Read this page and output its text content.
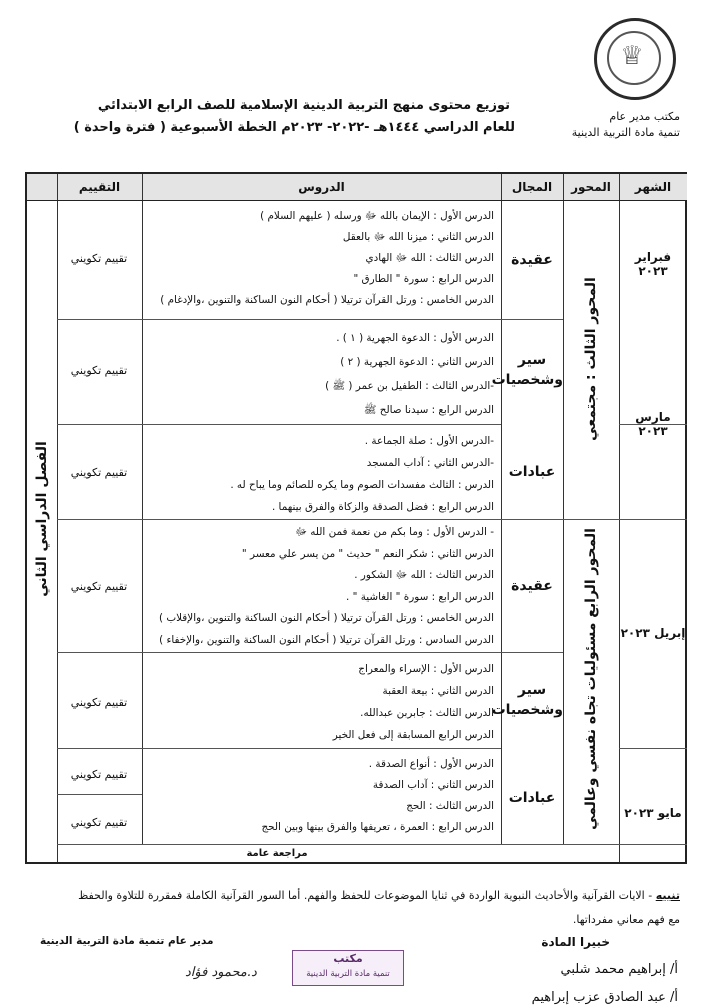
♕
مكتب مدير عام
تنمية مادة التربية الدينية
توزيع محتوى منهج التربية الدينية الإسلامية للصف الرابع الابتدائي
للعام الدراسي ١٤٤٤هـ -٢٠٢٢- ٢٠٢٣م الخطة الأسبوعية ( فترة واحدة )
الشهر
المحور
المجال
الدروس
التقييم
فبراير ٢٠٢٣
مارس ٢٠٢٣
إبريل ٢٠٢٣
مايو ٢٠٢٣
المحور الثالث : مجتمعي
المحور الرابع مسئوليات تجاه نفسي وعالمي
الفصل الدراسي الثاني
عقيدة
سير
وشخصيات
عبادات
عقيدة
سير
وشخصيات
عبادات
الدرس الأول : الإيمان بالله ﷻ ورسله ( عليهم السلام )
الدرس الثاني : ميزنا الله ﷻ بالعقل
الدرس الثالث : الله ﷻ الهادي
الدرس الرابع : سورة " الطارق "
الدرس الخامس : ورتل القرآن ترتيلا ( أحكام النون الساكنة والتنوين ،والإدغام )
الدرس الأول : الدعوة الجهرية ( ١ ) .
الدرس الثاني : الدعوة الجهرية ( ٢ )
-الدرس الثالث : الطفيل بن عمر ( ﷺ )
الدرس الرابع : سيدنا صالح ﷺ
-الدرس الأول : صلة الجماعة .
-الدرس الثاني : آداب المسجد
الدرس : الثالث مفسدات الصوم وما يكره للصائم وما يباح له .
الدرس الرابع : فضل الصدقة والزكاة والفرق بينهما .
- الدرس الأول : وما بكم من نعمة فمن الله ﷻ
الدرس الثاني : شكر النعم " حديث " من يسر علي معسر "
الدرس الثالث : الله ﷻ الشكور .
الدرس الرابع : سورة " الغاشية " .
الدرس الخامس : ورتل القرآن ترتيلا ( أحكام النون الساكنة والتنوين ،والإقلاب )
الدرس السادس : ورتل القرآن ترتيلا ( أحكام النون الساكنة والتنوين ،والإخفاء )
الدرس الأول : الإسراء والمعراج
الدرس الثاني : بيعة العقبة
الدرس الثالث : جابربن عبدالله.
الدرس الرابع المسابقة إلى فعل الخير
الدرس الأول : أنواع الصدقة .
الدرس الثاني : آداب الصدقة
الدرس الثالث : الحج
الدرس الرابع : العمرة ، تعريفها والفرق بينها وبين الحج
تقييم تكويني
تقييم تكويني
تقييم تكويني
تقييم تكويني
تقييم تكويني
تقييم تكويني
تقييم تكويني
مراجعة عامة
تنبيه - الايات القرآنية والأحاديث النبوية الواردة في ثنايا الموضوعات للحفظ والفهم. أما السور القرآنية الكاملة فمقررة للتلاوة والحفظ
مع فهم معاني مفرداتها.
خبيرا المادة
أ/ إبراهيم محمد شلبي
أ/ عبد الصادق عزب إبراهيم
مدير عام تنمية مادة التربية الدينية
د.محمود فؤاد
مكتب
تنمية مادة التربية الدينية
